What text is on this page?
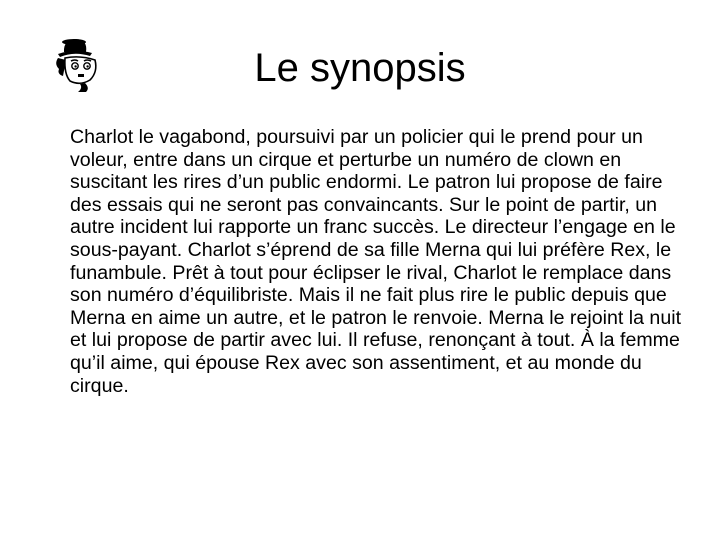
Le synopsis

Charlot le vagabond, poursuivi par un policier qui le prend pour un voleur, entre dans un cirque et perturbe un numéro de clown en suscitant les rires d’un public endormi. Le patron lui propose de faire des essais qui ne seront pas convaincants. Sur le point de partir, un autre incident lui rapporte un franc succès. Le directeur l’engage en le sous-payant. Charlot s’éprend de sa fille Merna qui lui préfère Rex, le funambule. Prêt à tout pour éclipser le rival, Charlot le remplace dans son numéro d’équilibriste. Mais il ne fait plus rire le public depuis que Merna en aime un autre, et le patron le renvoie. Merna le rejoint la nuit et lui propose de partir avec lui. Il refuse, renonçant à tout. À la femme qu’il aime, qui épouse Rex avec son assentiment, et au monde du cirque.
